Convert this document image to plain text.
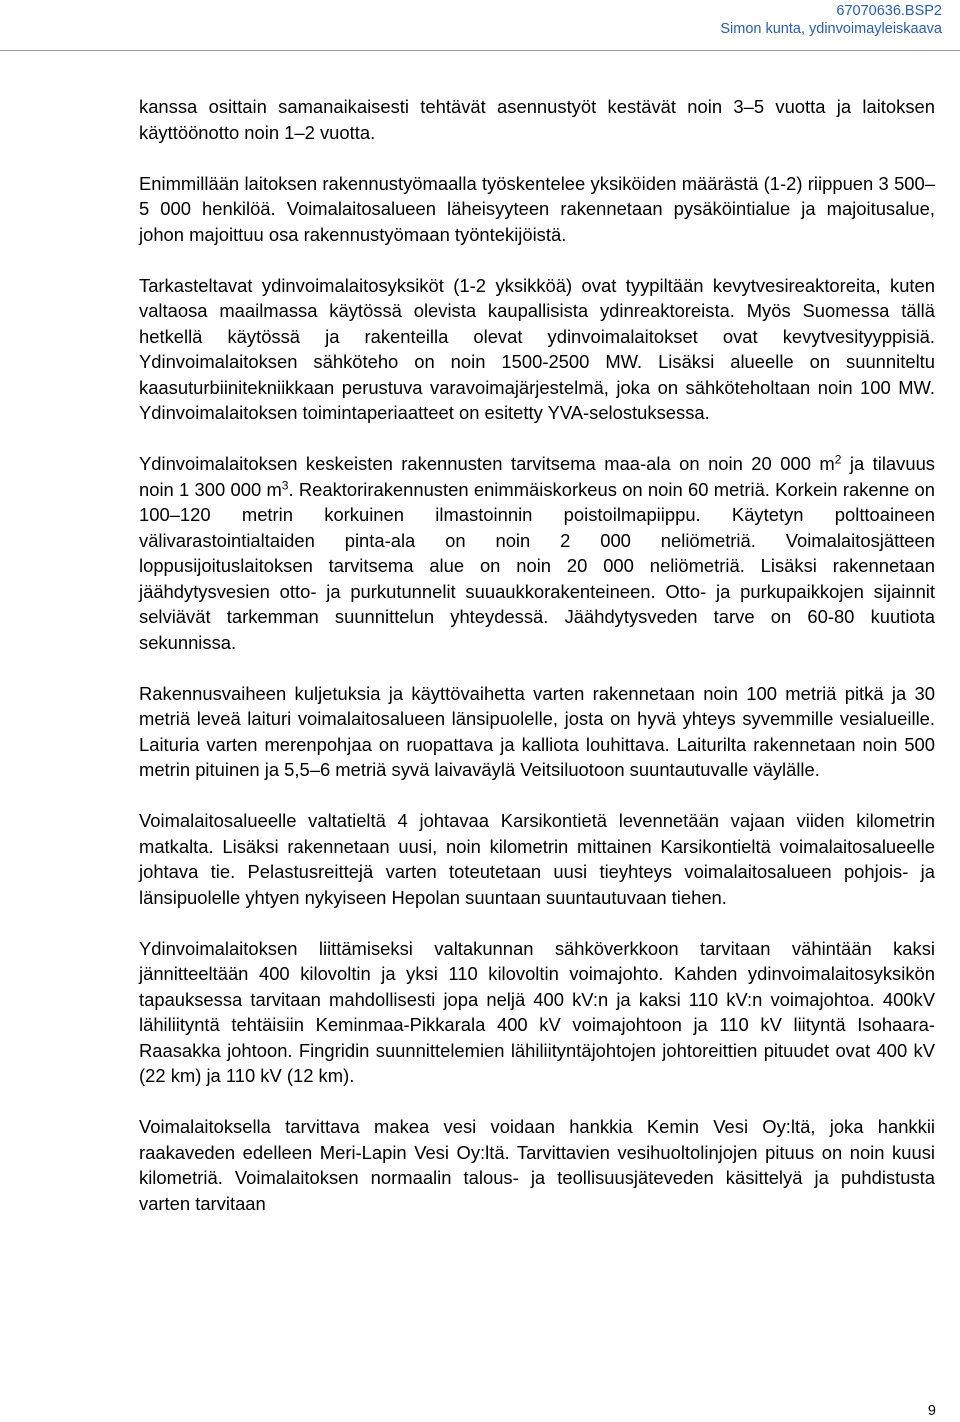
67070636.BSP2
Simon kunta, ydinvoimayleiskaava

kanssa osittain samanaikaisesti tehtävät asennustyöt kestävät noin 3–5 vuotta ja laitoksen käyttöönotto noin 1–2 vuotta.

Enimmillään laitoksen rakennustyömaalla työskentelee yksiköiden määrästä (1-2) riippuen 3 500–5 000 henkilöä. Voimalaitosalueen läheisyyteen rakennetaan pysäköintialue ja majoitusalue, johon majoittuu osa rakennustyömaan työntekijöistä.

Tarkasteltavat ydinvoimalaitosyksiköt (1-2 yksikköä) ovat tyypiltään kevytvesireaktoreita, kuten valtaosa maailmassa käytössä olevista kaupallisista ydinreaktoreista. Myös Suomessa tällä hetkellä käytössä ja rakenteilla olevat ydinvoimalaitokset ovat kevytvesityyppisiä. Ydinvoimalaitoksen sähköteho on noin 1500-2500 MW. Lisäksi alueelle on suunniteltu kaasuturbiinitekniikkaan perustuva varavoimajärjestelmä, joka on sähköteholtaan noin 100 MW. Ydinvoimalaitoksen toimintaperiaatteet on esitetty YVA-selostuksessa.

Ydinvoimalaitoksen keskeisten rakennusten tarvitsema maa-ala on noin 20 000 $m^2$ ja tilavuus noin 1 300 000 $m^3$. Reaktorirakennusten enimmäiskorkeus on noin 60 metriä. Korkein rakenne on 100–120 metrin korkuinen ilmastoinnin poistoilmapiippu. Käytetyn polttoaineen välivarastointialtaiden pinta-ala on noin 2 000 neliömetriä. Voimalaitosjätteen loppusijoituslaitoksen tarvitsema alue on noin 20 000 neliömetriä. Lisäksi rakennetaan jäähdytysvesien otto- ja purkutunnelit suuaukkorakenteineen. Otto- ja purkupaikkojen sijainnit selviävät tarkemman suunnittelun yhteydessä. Jäähdytysveden tarve on 60-80 kuutiota sekunnissa.

Rakennusvaiheen kuljetuksia ja käyttövaihetta varten rakennetaan noin 100 metriä pitkä ja 30 metriä leveä laituri voimalaitosalueen länsipuolelle, josta on hyvä yhteys syvemmille vesialueille. Laituria varten merenpohjaa on ruopattava ja kalliota louhittava. Laiturilta rakennetaan noin 500 metrin pituinen ja 5,5–6 metriä syvä laivaväylä Veitsiluotoon suuntautuvalle väylälle.

Voimalaitosalueelle valtatieltä 4 johtavaa Karsikontietä levennetään vajaan viiden kilometrin matkalta. Lisäksi rakennetaan uusi, noin kilometrin mittainen Karsikontieltä voimalaitosalueelle johtava tie. Pelastusreittejä varten toteutetaan uusi tieyhteys voimalaitosalueen pohjois- ja länsipuolelle yhtyen nykyiseen Hepolan suuntaan suuntautuvaan tiehen.

Ydinvoimalaitoksen liittämiseksi valtakunnan sähköverkkoon tarvitaan vähintään kaksi jännitteeltään 400 kilovoltin ja yksi 110 kilovoltin voimajohto. Kahden ydinvoimalaitosyksikön tapauksessa tarvitaan mahdollisesti jopa neljä 400 kV:n ja kaksi 110 kV:n voimajohtoa. 400kV lähiliityntä tehtäisiin Keminmaa-Pikkarala 400 kV voimajohtoon ja 110 kV liityntä Isohaara-Raasakka johtoon. Fingridin suunnittelemien lähiliityntäjohtojen johtoreittien pituudet ovat 400 kV (22 km) ja 110 kV (12 km).

Voimalaitoksella tarvittava makea vesi voidaan hankkia Kemin Vesi Oy:ltä, joka hankkii raakaveden edelleen Meri-Lapin Vesi Oy:ltä. Tarvittavien vesihuoltolinjojen pituus on noin kuusi kilometriä. Voimalaitoksen normaalin talous- ja teollisuusjäteveden käsittelyä ja puhdistusta varten tarvitaan

9
